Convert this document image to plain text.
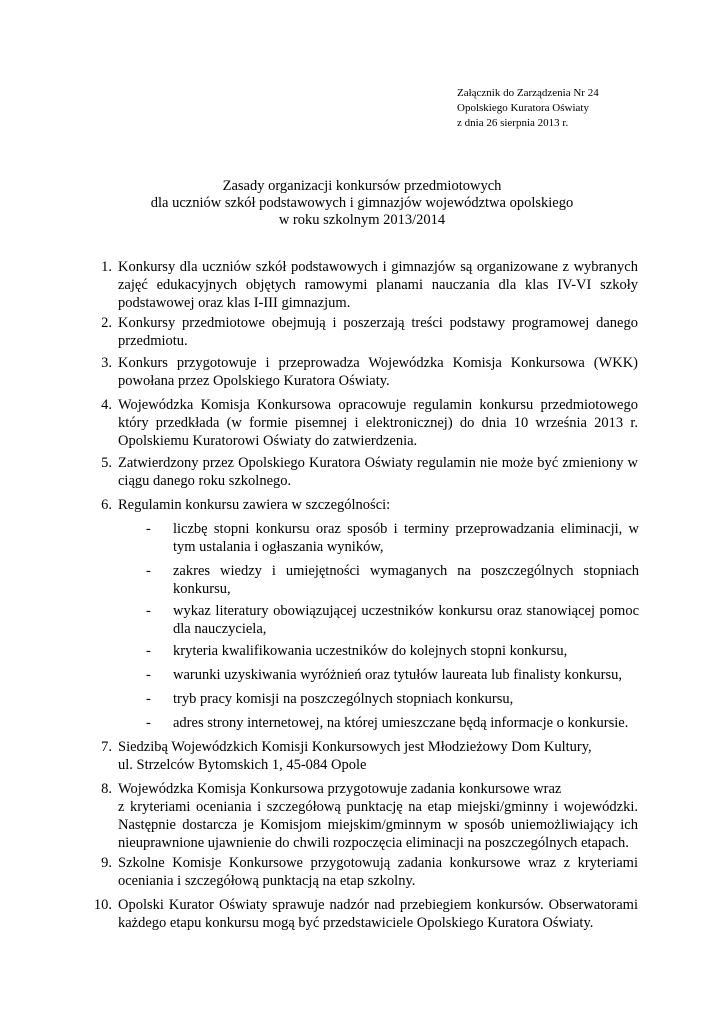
Załącznik do Zarządzenia Nr 24
Opolskiego Kuratora Oświaty
z dnia 26 sierpnia 2013 r.
Zasady organizacji konkursów przedmiotowych
dla uczniów szkół podstawowych i gimnazjów województwa opolskiego
w roku szkolnym 2013/2014
1. Konkursy dla uczniów szkół podstawowych i gimnazjów są organizowane z wybranych zajęć edukacyjnych objętych ramowymi planami nauczania dla klas IV-VI szkoły podstawowej oraz klas I-III gimnazjum.
2. Konkursy przedmiotowe obejmują i poszerzają treści podstawy programowej danego przedmiotu.
3. Konkurs przygotowuje i przeprowadza Wojewódzka Komisja Konkursowa (WKK) powołana przez Opolskiego Kuratora Oświaty.
4. Wojewódzka Komisja Konkursowa opracowuje regulamin konkursu przedmiotowego który przedkłada (w formie pisemnej i elektronicznej) do dnia 10 września 2013 r. Opolskiemu Kuratorowi Oświaty do zatwierdzenia.
5. Zatwierdzony przez Opolskiego Kuratora Oświaty regulamin nie może być zmieniony w ciągu danego roku szkolnego.
6. Regulamin konkursu zawiera w szczególności:
- liczbę stopni konkursu oraz sposób i terminy przeprowadzania eliminacji, w tym ustalania i ogłaszania wyników,
- zakres wiedzy i umiejętności wymaganych na poszczególnych stopniach konkursu,
- wykaz literatury obowiązującej uczestników konkursu oraz stanowiącej pomoc dla nauczyciela,
- kryteria kwalifikowania uczestników do kolejnych stopni konkursu,
- warunki uzyskiwania wyróżnień oraz tytułów laureata lub finalisty konkursu,
- tryb pracy komisji na poszczególnych stopniach konkursu,
- adres strony internetowej, na której umieszczane będą informacje o konkursie.
7. Siedzibą Wojewódzkich Komisji Konkursowych jest Młodzieżowy Dom Kultury,
ul. Strzelców Bytomskich 1, 45-084 Opole
8. Wojewódzka Komisja Konkursowa przygotowuje zadania konkursowe wraz
z kryteriami oceniania i szczegółową punktację na etap miejski/gminny i wojewódzki. Następnie dostarcza je Komisjom miejskim/gminnym w sposób uniemożliwiający ich nieuprawnione ujawnienie do chwili rozpoczęcia eliminacji na poszczególnych etapach.
9. Szkolne Komisje Konkursowe przygotowują zadania konkursowe wraz z kryteriami oceniania i szczegółową punktacją na etap szkolny.
10. Opolski Kurator Oświaty sprawuje nadzór nad przebiegiem konkursów. Obserwatorami każdego etapu konkursu mogą być przedstawiciele Opolskiego Kuratora Oświaty.
